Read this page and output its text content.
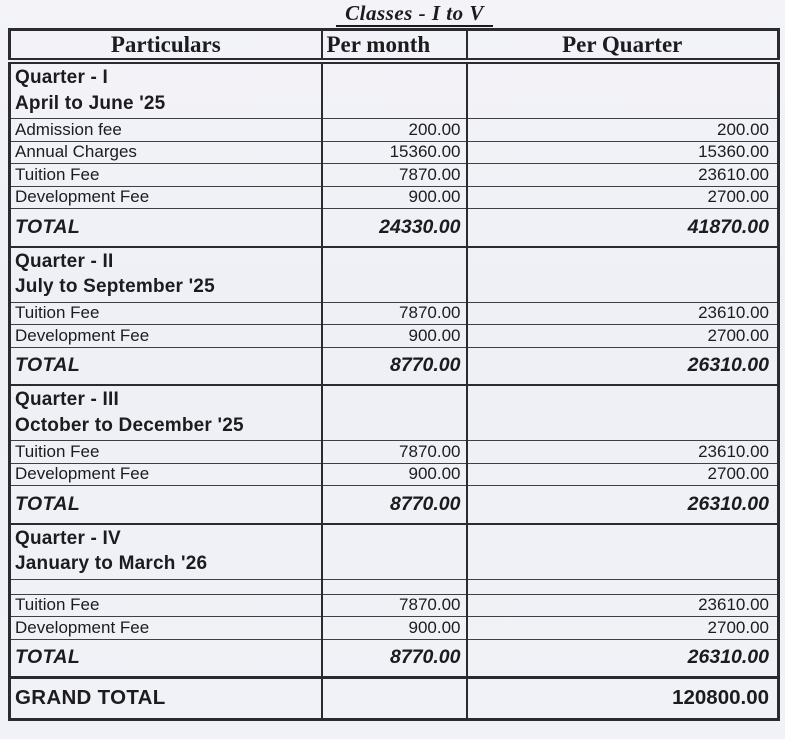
Classes - I to V
Particulars	Per month	Per Quarter

Quarter - I
April to June '25		

Admission fee	200.00	200.00
Annual Charges	15360.00	15360.00
Tuition Fee	7870.00	23610.00
Development Fee	900.00	2700.00
TOTAL	24330.00	41870.00

Quarter - II
July to September '25		

Tuition Fee	7870.00	23610.00
Development Fee	900.00	2700.00
TOTAL	8770.00	26310.00

Quarter - III
October to December '25		

Tuition Fee	7870.00	23610.00
Development Fee	900.00	2700.00
TOTAL	8770.00	26310.00

Quarter - IV
January to March '26		

Tuition Fee	7870.00	23610.00
Development Fee	900.00	2700.00
TOTAL	8770.00	26310.00
GRAND TOTAL		120800.00
